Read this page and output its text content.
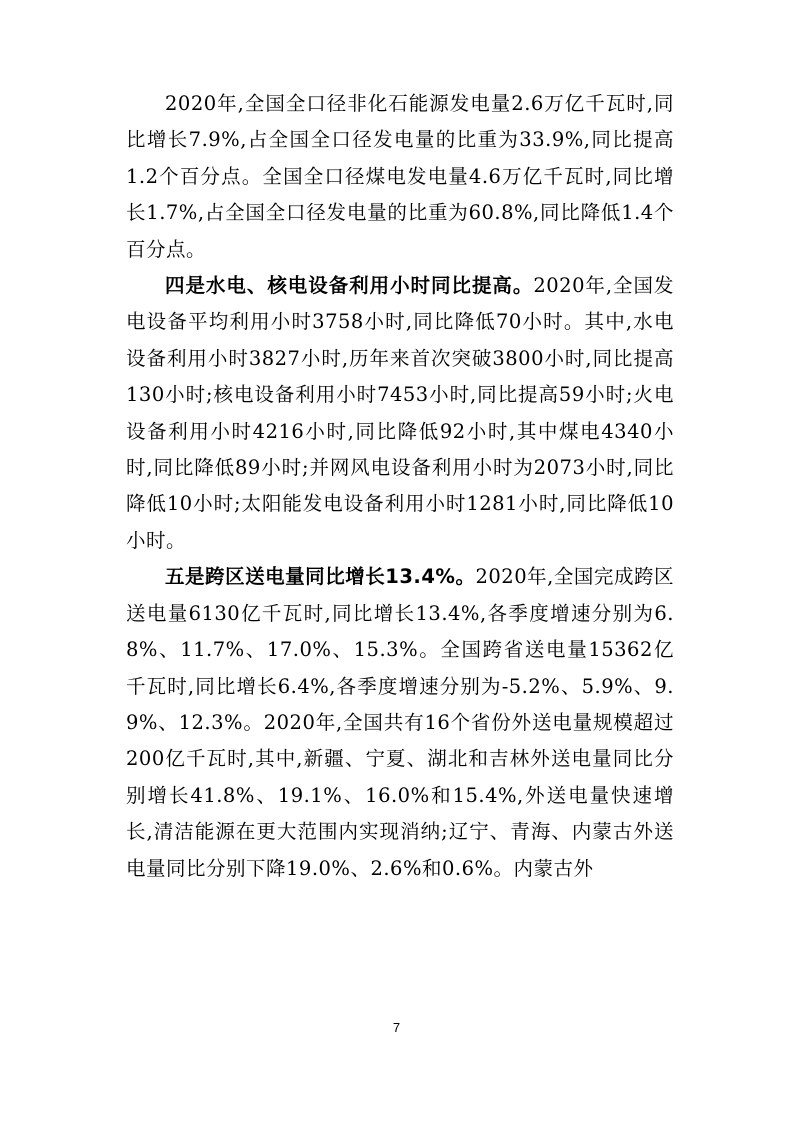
2020年,全国全口径非化石能源发电量2.6万亿千瓦时,同比增长7.9%,占全国全口径发电量的比重为33.9%,同比提高1.2个百分点。全国全口径煤电发电量4.6万亿千瓦时,同比增长1.7%,占全国全口径发电量的比重为60.8%,同比降低1.4个百分点。

四是水电、核电设备利用小时同比提高。2020年,全国发电设备平均利用小时3758小时,同比降低70小时。其中,水电设备利用小时3827小时,历年来首次突破3800小时,同比提高130小时;核电设备利用小时7453小时,同比提高59小时;火电设备利用小时4216小时,同比降低92小时,其中煤电4340小时,同比降低89小时;并网风电设备利用小时为2073小时,同比降低10小时;太阳能发电设备利用小时1281小时,同比降低10小时。

五是跨区送电量同比增长13.4%。2020年,全国完成跨区送电量6130亿千瓦时,同比增长13.4%,各季度增速分别为6.8%、11.7%、17.0%、15.3%。全国跨省送电量15362亿千瓦时,同比增长6.4%,各季度增速分别为-5.2%、5.9%、9.9%、12.3%。2020年,全国共有16个省份外送电量规模超过200亿千瓦时,其中,新疆、宁夏、湖北和吉林外送电量同比分别增长41.8%、19.1%、16.0%和15.4%,外送电量快速增长,清洁能源在更大范围内实现消纳;辽宁、青海、内蒙古外送电量同比分别下降19.0%、2.6%和0.6%。内蒙古外

7
